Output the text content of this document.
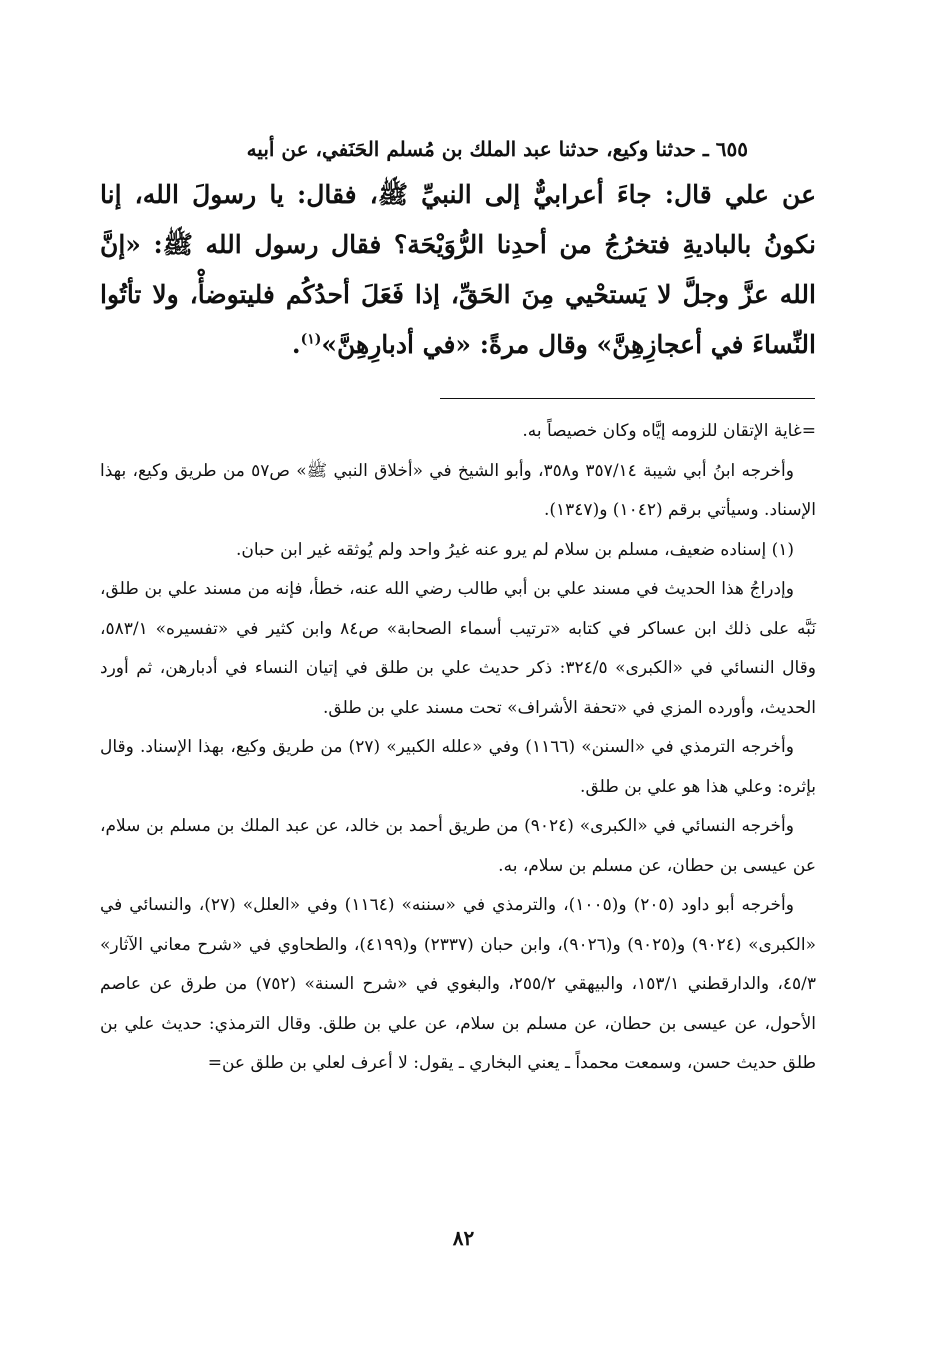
٦٥٥ ـ حدثنا وكيع، حدثنا عبد الملك بن مُسلم الحَنَفي، عن أبيه
عن علي قال: جاءَ أعرابيٌّ إلى النبيِّ ﷺ، فقال: يا رسولَ الله، إنا نكونُ بالباديةِ فتخرُجُ من أحدِنا الرُّوَيْحَة؟ فقال رسول الله ﷺ: «إنَّ الله عزَّ وجلَّ لا يَستحْيي مِنَ الحَقِّ، إذا فَعَلَ أحدُكُم فليتوضأْ، ولا تأتُوا النِّساءَ في أعجازِهِنَّ» وقال مرةً: «في أدبارِهِنَّ»$^{(١)}$.

=غاية الإتقان للزومه إيَّاه وكان خصيصاً به.

وأخرجه ابنُ أبي شيبة ٣٥٧/١٤ و٣٥٨، وأبو الشيخ في «أخلاق النبي ﷺ» ص٥٧ من طريق وكيع، بهذا الإسناد. وسيأتي برقم (١٠٤٢) و(١٣٤٧).

(١) إسناده ضعيف، مسلم بن سلام لم يرو عنه غيرُ واحد ولم يُوثقه غير ابن حبان.

وإدراجُ هذا الحديث في مسند علي بن أبي طالب رضي الله عنه، خطأ، فإنه من مسند علي بن طلق، نَبَّه على ذلك ابن عساكر في كتابه «ترتيب أسماء الصحابة» ص٨٤ وابن كثير في «تفسيره» ٥٨٣/١، وقال النسائي في «الكبرى» ٣٢٤/٥: ذكر حديث علي بن طلق في إتيان النساء في أدبارهن، ثم أورد الحديث، وأورده المزي في «تحفة الأشراف» تحت مسند علي بن طلق.

وأخرجه الترمذي في «السنن» (١١٦٦) وفي «علله الكبير» (٢٧) من طريق وكيع، بهذا الإسناد. وقال بإثره: وعلي هذا هو علي بن طلق.

وأخرجه النسائي في «الكبرى» (٩٠٢٤) من طريق أحمد بن خالد، عن عبد الملك بن مسلم بن سلام، عن عيسى بن حطان، عن مسلم بن سلام، به.

وأخرجه أبو داود (٢٠٥) و(١٠٠٥)، والترمذي في «سننه» (١١٦٤) وفي «العلل» (٢٧)، والنسائي في «الكبرى» (٩٠٢٤) و(٩٠٢٥) و(٩٠٢٦)، وابن حبان (٢٣٣٧) و(٤١٩٩)، والطحاوي في «شرح معاني الآثار» ٤٥/٣، والدارقطني ١٥٣/١، والبيهقي ٢٥٥/٢، والبغوي في «شرح السنة» (٧٥٢) من طرق عن عاصم الأحول، عن عيسى بن حطان، عن مسلم بن سلام، عن علي بن طلق. وقال الترمذي: حديث علي بن طلق حديث حسن، وسمعت محمداً ـ يعني البخاري ـ يقول: لا أعرف لعلي بن طلق عن=

٨٢
